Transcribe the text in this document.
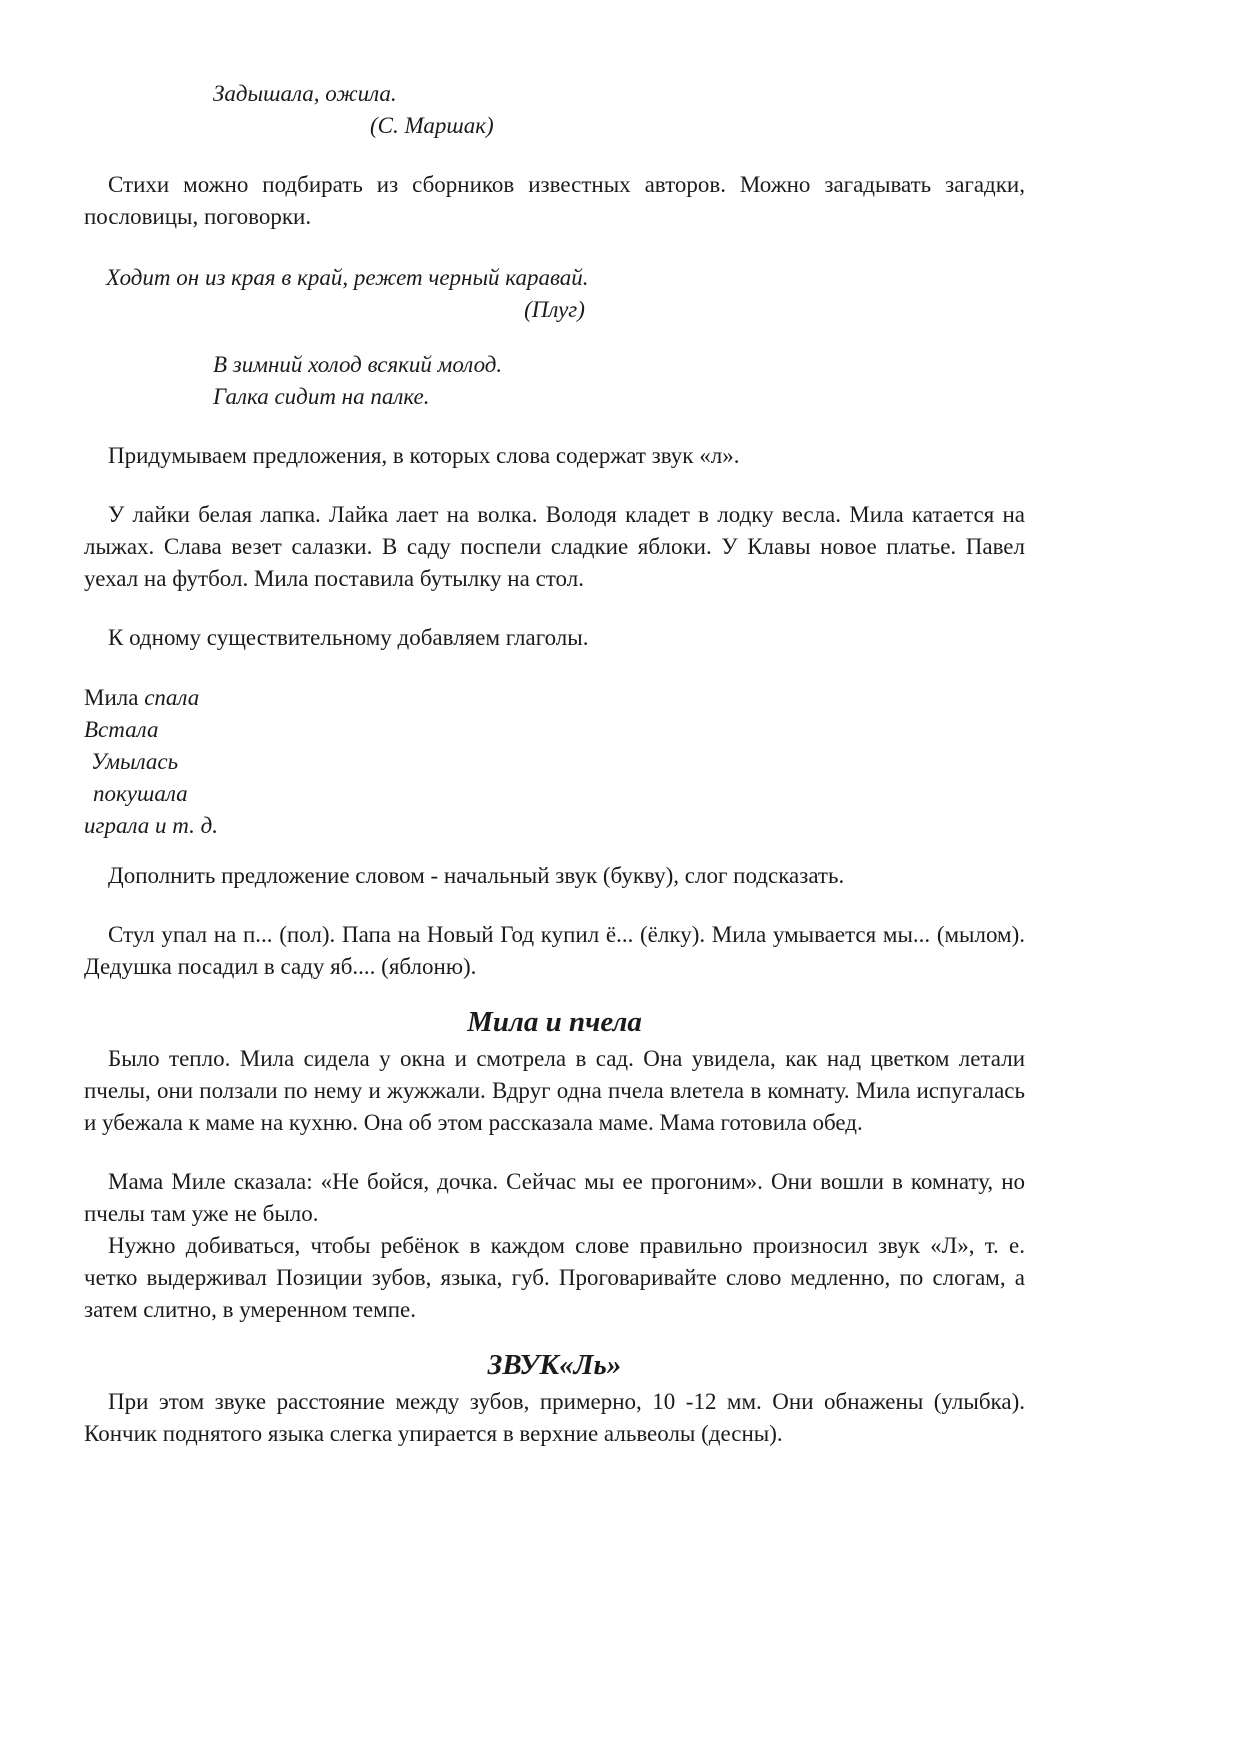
Задышала, ожила.
(С. Маршак)

Стихи можно подбирать из сборников известных авторов. Можно загадывать загадки, пословицы, поговорки.

Ходит он из края в край, режет черный каравай.
(Плуг)
В зимний холод всякий молод.
Галка сидит на палке.

Придумываем предложения, в которых слова содержат звук «л».

У лайки белая лапка. Лайка лает на волка. Володя кладет в лодку весла. Мила катается на лыжах. Слава везет салазки. В саду поспели сладкие яблоки. У Клавы новое платье. Павел уехал на футбол. Мила поставила бутылку на стол.

К одному существительному добавляем глаголы.

Мила спала
Встала
Умылась
покушала
играла и т. д.

Дополнить предложение словом - начальный звук (букву), слог подсказать.

Стул упал на п... (пол). Папа на Новый Год купил ё... (ёлку). Мила умывается мы... (мылом). Дедушка посадил в саду яб.... (яблоню).

Мила и пчела

Было тепло. Мила сидела у окна и смотрела в сад. Она увидела, как над цветком летали пчелы, они ползали по нему и жужжали. Вдруг одна пчела влетела в комнату. Мила испугалась и убежала к маме на кухню. Она об этом рассказала маме. Мама готовила обед.

Мама Миле сказала: «Не бойся, дочка. Сейчас мы ее прогоним». Они вошли в комнату, но пчелы там уже не было.

Нужно добиваться, чтобы ребёнок в каждом слове правильно произносил звук «Л», т. е. четко выдерживал Позиции зубов, языка, губ. Проговаривайте слово медленно, по слогам, а затем слитно, в умеренном темпе.

ЗВУК«Ль»

При этом звуке расстояние между зубов, примерно, 10 -12 мм. Они обнажены (улыбка). Кончик поднятого языка слегка упирается в верхние альвеолы (десны).
